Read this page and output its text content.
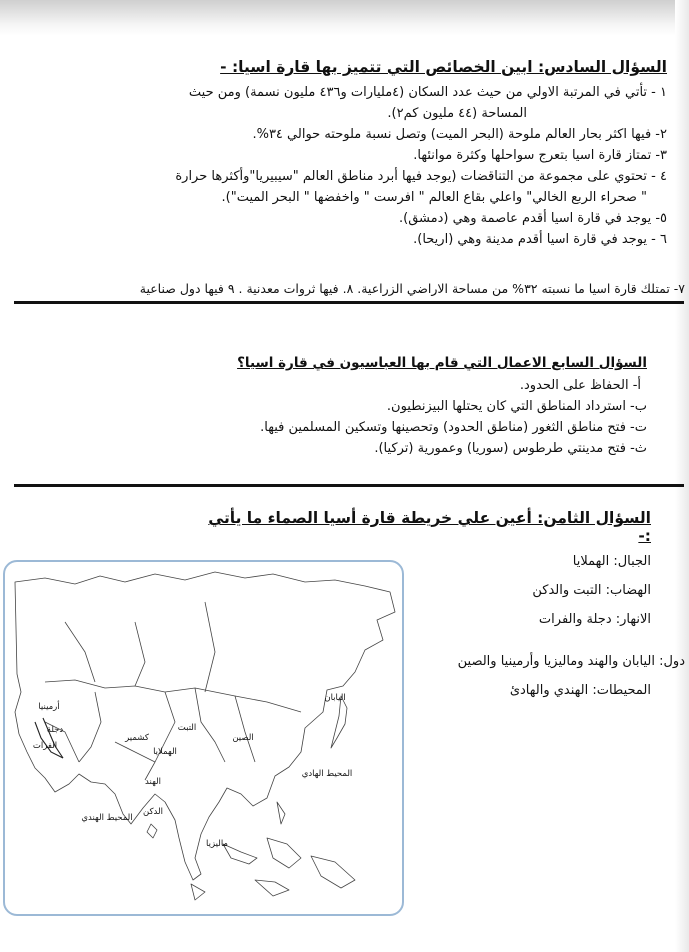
السؤال السادس: ابين الخصائص التي تتميز بها قارة اسيا: -
١ - تأتي في المرتبة الاولي من حيث عدد السكان (٤مليارات و٤٣٦ مليون نسمة) ومن حيث
المساحة (٤٤ مليون كم٢).
٢- فيها اكثر بحار العالم ملوحة (البحر الميت) وتصل نسبة ملوحته حوالي ٣٤%.
٣- تمتاز قارة اسيا بتعرج سواحلها وكثرة موانئها.
٤ - تحتوي على مجموعة من التناقضات (يوجد فيها أبرد مناطق العالم "سيبيريا"وأكثرها حرارة
" صحراء الربع الخالي" واعلي بقاع العالم " افرست " واخفضها " البحر الميت").
٥- يوجد في قارة اسيا أقدم عاصمة وهي (دمشق).
٦ - يوجد في قارة اسيا أقدم مدينة وهي (اريحا).
٧- تمتلك قارة اسيا ما نسبته ٣٢% من مساحة الاراضي الزراعية. ٨. فيها ثروات معدنية . ٩ فيها دول صناعية
السؤال السابع الاعمال التي قام بها العباسيون في قارة اسيا؟
أ- الحفاظ على الحدود.
ب- استرداد المناطق التي كان يحتلها البيزنطيون.
ت- فتح مناطق الثغور (مناطق الحدود) وتحصينها وتسكين المسلمين فيها.
ث- فتح مدينتي طرطوس (سوريا) وعمورية (تركيا).
السؤال الثامن: أعين علي خريطة قارة أسيا الصماء ما يأتي :-
الجبال: الهملايا
الهضاب: التبت والدكن
الانهار: دجلة والفرات
دول: اليابان والهند وماليزيا وأرمينيا والصين
المحيطات: الهندي والهادئ
أرمينيا
دجلة
الفرات
التبت
كشمير
الهملايا
الصين
اليابان
الهند
المحيط الهادي
المحيط الهندي
الدكن
ماليزيا
